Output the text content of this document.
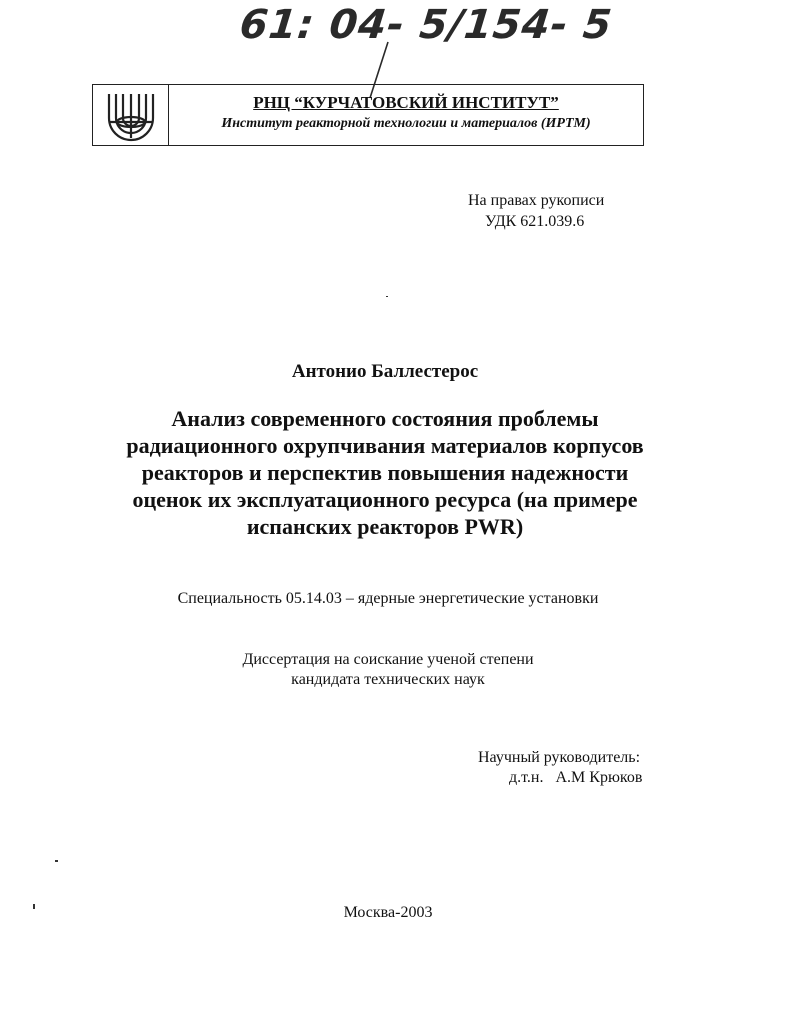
61: 04- 5/154- 5
РНЦ “КУРЧАТОВСКИЙ ИНСТИТУТ”
Институт реакторной технологии и материалов (ИРТМ)
На правах рукописи
УДК 621.039.6
Антонио Баллестерос
Анализ современного состояния проблемы
радиационного охрупчивания материалов корпусов
реакторов и перспектив повышения надежности
оценок их эксплуатационного ресурса (на примере
испанских реакторов PWR)
Специальность 05.14.03 – ядерные энергетические установки
Диссертация на соискание ученой степени
кандидата технических наук
Научный руководитель:
д.т.н.   А.М Крюков
Москва-2003
